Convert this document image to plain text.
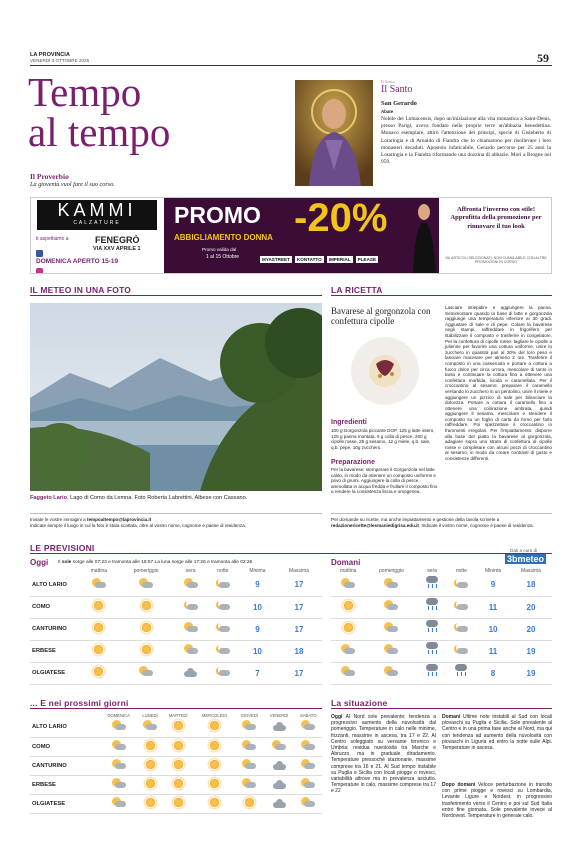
LA PROVINCIA
VENERDÌ 3 OTTOBRE 2025	59
Tempo
al tempo
Il Proverbio
La gioventù vuol fare il suo corso.
Il Santo
Il Santo
San Gerardo
Abate
Nobile del Lomacensis, dopo un'iniziazione alla vita monastica a Saint-Denis, presso Parigi, aveva fondato nelle proprie terre un'abbazia benedettina. Monaco esemplare, attirò l'attenzione dei principi, specie di Gisleberto di Lotaringia e di Arnaldo di Fiandra che lo chiamarono per risollevare i loro monasteri decaduti. Apostolo infaticabile, Gerardo percorse per 25 anni la Lotaringia e la Fiandra riformando una dozzina di abbazie. Morì a Brogne nel 959.
KAMMI
CALZATURE
ti aspettiamo a
	FENEGRÒ
VIA XXV APRILE 1
DOMENICA APERTO 15-19
PROMO
ABBIGLIAMENTO DONNA -20%
Promo valida dal
1 al 15 Ottobre	MYASTREET	KONTATTO	IMPERIAL	PLEASE
Affronta l'inverno con stile! Approfitta della promozione per rinnovare il tuo look
SU ARTICOLI SELEZIONATI. NON CUMULABILE CON ALTRE PROMOZIONI IN CORSO
IL METEO IN UNA FOTO
Faggeto Lario. Lago di Como da Lemna. Foto Roberta Labrettini. Albese con Cassano.
Inviate le vostre immagini a tempoaltempo@laprovincia.it
Indicate sempre il luogo in cui la foto è stata scattata, oltre al vostro nome, cognome e paese di residenza.
LA RICETTA
Bavarese al gorgonzola con confettura cipolle
Ingredienti
100 g Gorgonzola piccante DOP, 125 g latte intero, 125 g panna montata, 5 g colla di pesce, 200 g cipolle rosse, 25 g sesamo, 12 g miele, q.b. sale, q.b. pepe, 10g zucchero.
Preparazione
Per la bavarese: stemperare il Gorgonzola nel latte caldo, in modo da ottenere un composto uniforme e privo di grumi. Aggiungere la colla di pesce, ammollata in acqua fredda e frullare il composto fino a rendere la consistenza liscia e omogenea.
Lasciare intiepidire e aggiungere la panna. Semimontare quando la base di latte e gorgonzola raggiunge una temperatura inferiore ai 30 gradi. Aggiustare di sale e di pepe. Colare la bavarese negli stampi, raffreddare in frigorifero per stabilizzare il composto e trasferire in congelatore. Per la confettura di cipolle rosse: tagliare le cipolle a julienne per favorire una cottura uniforme, unire lo zucchero in quantità pari al 30% del loro peso e lasciare macerare per almeno 2 ore. Trasferire il composto in una casseruola e portare a cottura a fuoco dolce per circa un'ora, mescolare di tanto in tanto e continuare la cottura fino a ottenere una confettura morbida, lucida e caramellata. Per il croccantino al sesamo: preparare il caramello versando lo zucchero in un pentolino, unire il miele e aggiungere un pizzico di sale per bilanciare la dolcezza. Portare a cottura il caramello fino a ottenere una colorazione ambrata, quindi aggiungere il sesamo, mescolare e stendere il composto su un foglio di carta da forno per farlo raffreddare. Poi spezzettare il croccantino in frammenti irregolari. Per l'impiattamento: disporre alla base del piatto la bavarese al gorgonzola, adagiare sopra uno strato di confettura di cipolle rosse e completare con alcuni pezzi di croccantino al sesamo, in modo da creare contrasti di gusto e consistenze differenti.
Per domande su ricette, ma anche impiattamento e gestione della tavola scrivete a redazionericette@lesmaniedigrisa.edu.it. Indicate il vostro nome, cognome e paese di residenza.
LE PREVISIONI
Oggi Il sole sorge alle 07:23 e tramonta alle 18:57 La luna sorge alle 17:26 e tramonta alle 02:26	Domani
Dati a cura di
3bmeteo
	mattina	pomeriggio	sera	notte	Minima	Massima
ALTO LARIO					9	17
COMO					10	17
CANTURINO					9	17
ERBESE					10	18
OLGIATESE					7	17
mattina	pomeriggio	sera	notte	Minima	Massima

	9	18

	11	20

	10	20

	11	19

	8	19
... E nei prossimi giorni
	DOMENICA	LUNEDÌ	MARTEDÌ	MERCOLEDÌ	GIOVEDÌ	VENERDÌ	SABATO
ALTO LARIO	

COMO	

CANTURINO	

ERBESE	

OLGIATESE	

La situazione
Oggi Al Nord sole prevalente; tendenza a progressivo aumento della nuvolosità dal pomeriggio. Temperature in calo nelle minime, frizzanti, massime in ascesa, tra 17 e 22. Al Centro soleggiato su versante tirrenico e Umbria; residua nuvolosità tra Marche e Abruzzo, ma in graduale diradamento. Temperature pressoché stazionarie, massime comprese tra 16 e 21. Al Sud tempo instabile su Puglia e Sicilia con locali piogge o rovesci, variabilità altrove ma in prevalenza asciutto. Temperature in calo, massime comprese tra 17 e 22
Domani Ultime note instabili al Sud con locali piovaschi su Puglia e Sicilia. Sole prevalente al Centro e in una prima fase anche al Nord, ma qui con tendenza ad aumento della nuvolosità con piovaschi in Liguria ed entro la notte sulle Alpi. Temperature in ascesa.
Dopo domani Veloce perturbazione in transito con prime piogge e rovesci su Lombardia, Levante Ligure e Nordest, in progressivo trasferimento verso il Centro e poi sul Sud Italia entro fine giornata. Sole prevalente invece al Nordovest. Temperature in generale calo.
